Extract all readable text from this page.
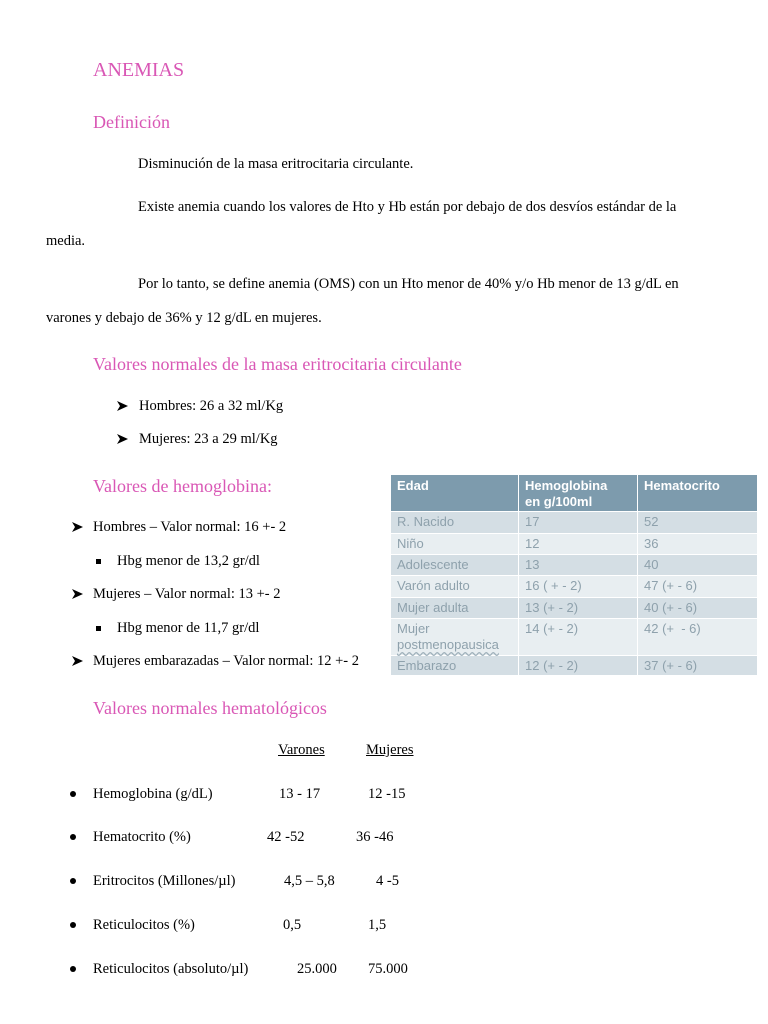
ANEMIAS
Definición
Disminución de la masa eritrocitaria circulante.
Existe anemia cuando los valores de Hto y Hb están por debajo de dos desvíos estándar de la
media.
Por lo tanto, se define anemia (OMS) con un Hto menor de 40% y/o Hb menor de 13 g/dL en
varones y debajo de 36% y 12 g/dL en mujeres.
Valores normales de la masa eritrocitaria circulante
Hombres: 26 a 32 ml/Kg
Mujeres: 23 a 29 ml/Kg
Valores de hemoglobina:
Hombres – Valor normal: 16 +- 2
Hbg menor de 13,2 gr/dl
Mujeres – Valor normal: 13 +- 2
Hbg menor de 11,7 gr/dl
Mujeres embarazadas – Valor normal: 12 +- 2
Edad	Hemoglobina en g/100ml	Hematocrito
R. Nacido	17	52
Niño	12	36
Adolescente	13	40
Varón adulto	16 ( + - 2)	47 (+ - 6)
Mujer adulta	13 (+ - 2)	40 (+ - 6)
Mujer
postmenopausica	14 (+ - 2)	42 (+  - 6)
Embarazo	12 (+ - 2)	37 (+ - 6)
Valores normales hematológicos
Varones	Mujeres
Hemoglobina (g/dL)	13 - 17	12 -15
Hematocrito (%)	42 -52	36 -46
Eritrocitos (Millones/µl)	4,5 – 5,8	4 -5
Reticulocitos (%)	0,5	1,5
Reticulocitos (absoluto/µl)	25.000 75.000
